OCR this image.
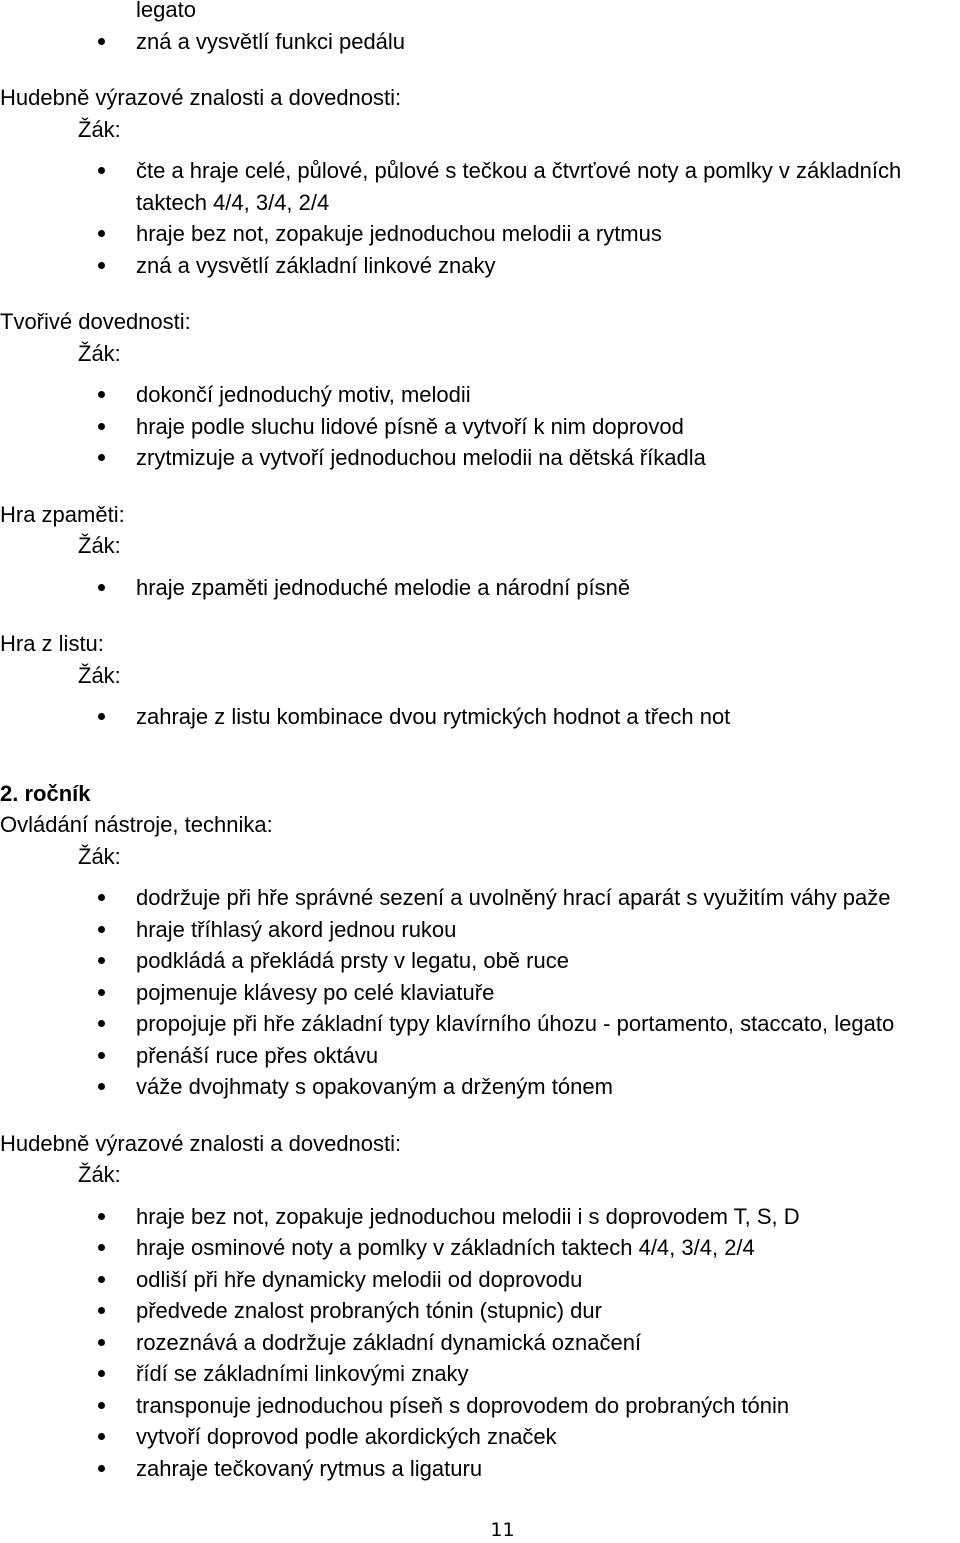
legato
zná a vysvětlí funkci pedálu
Hudebně výrazové znalosti a dovednosti:
Žák:
čte a hraje celé, půlové, půlové s tečkou a čtvrťové noty a pomlky v základních taktech 4/4, 3/4, 2/4
hraje bez not, zopakuje jednoduchou melodii a rytmus
zná a vysvětlí základní linkové znaky
Tvořivé dovednosti:
Žák:
dokončí jednoduchý motiv, melodii
hraje podle sluchu lidové písně a vytvoří k nim doprovod
zrytmizuje a vytvoří jednoduchou melodii na dětská říkadla
Hra zpaměti:
Žák:
hraje zpaměti jednoduché melodie a národní písně
Hra z listu:
Žák:
zahraje z listu kombinace dvou rytmických hodnot a třech not
2. ročník
Ovládání nástroje, technika:
Žák:
dodržuje při hře správné sezení a uvolněný hrací aparát s využitím váhy paže
hraje tříhlasý akord jednou rukou
podkládá a překládá prsty v legatu, obě ruce
pojmenuje klávesy po celé klaviatuře
propojuje při hře základní typy klavírního úhozu - portamento, staccato, legato
přenáší ruce přes oktávu
váže dvojhmaty s opakovaným a drženým tónem
Hudebně výrazové znalosti a dovednosti:
Žák:
hraje bez not, zopakuje jednoduchou melodii i s doprovodem T, S, D
hraje osminové noty a pomlky v základních taktech 4/4, 3/4, 2/4
odliší při hře dynamicky melodii od doprovodu
předvede znalost probraných tónin (stupnic) dur
rozeznává a dodržuje základní dynamická označení
řídí se základními linkovými znaky
transponuje jednoduchou píseň s doprovodem do probraných tónin
vytvoří doprovod podle akordických značek
zahraje tečkovaný rytmus a ligaturu
11
